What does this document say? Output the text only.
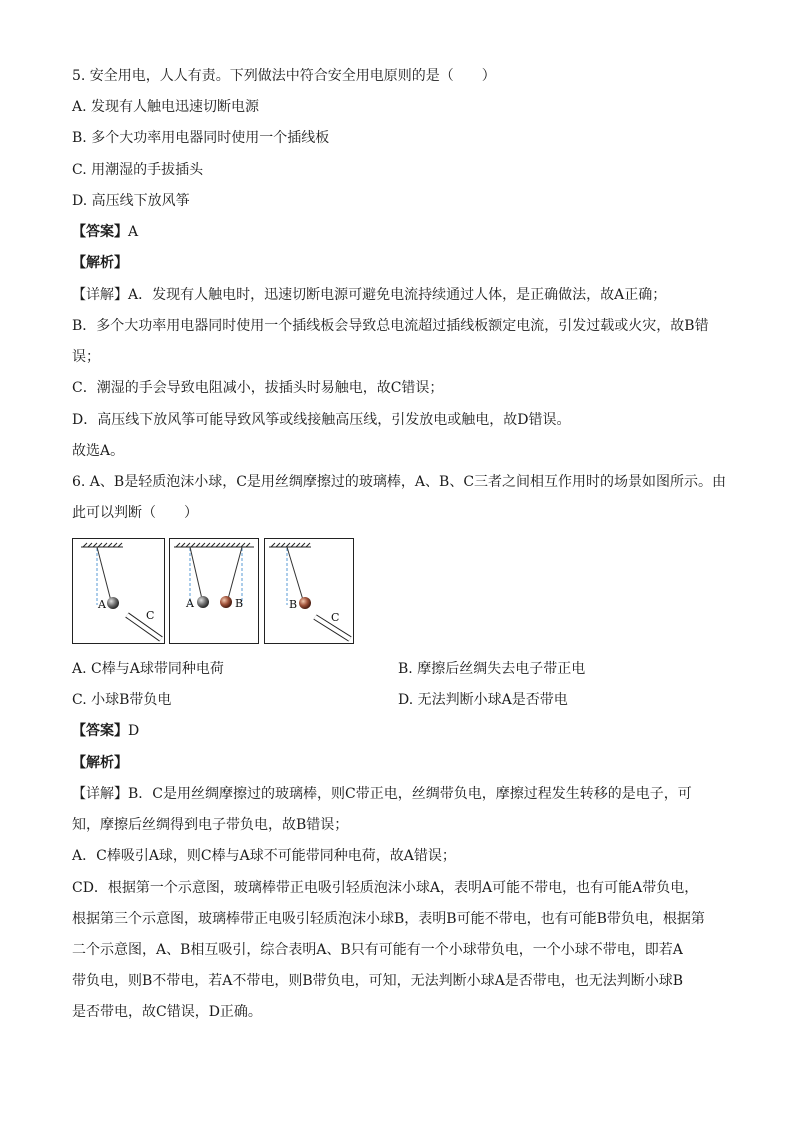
5. 安全用电，人人有责。下列做法中符合安全用电原则的是（　　）
A. 发现有人触电迅速切断电源
B. 多个大功率用电器同时使用一个插线板
C. 用潮湿的手拔插头
D. 高压线下放风筝
【答案】A
【解析】
【详解】A．发现有人触电时，迅速切断电源可避免电流持续通过人体，是正确做法，故A正确；
B．多个大功率用电器同时使用一个插线板会导致总电流超过插线板额定电流，引发过载或火灾，故B错
误；
C．潮湿的手会导致电阻减小，拔插头时易触电，故C错误；
D．高压线下放风筝可能导致风筝或线接触高压线，引发放电或触电，故D错误。
故选A。
6. A、B是轻质泡沫小球，C是用丝绸摩擦过的玻璃棒，A、B、C三者之间相互作用时的场景如图所示。由
此可以判断（　　）
A
C
A	B	B
C
A. C棒与A球带同种电荷	B. 摩擦后丝绸失去电子带正电
C. 小球B带负电	D. 无法判断小球A是否带电
【答案】D
【解析】
【详解】B．C是用丝绸摩擦过的玻璃棒，则C带正电，丝绸带负电，摩擦过程发生转移的是电子，可
知，摩擦后丝绸得到电子带负电，故B错误；
A．C棒吸引A球，则C棒与A球不可能带同种电荷，故A错误；
CD．根据第一个示意图，玻璃棒带正电吸引轻质泡沫小球A，表明A可能不带电，也有可能A带负电，
根据第三个示意图，玻璃棒带正电吸引轻质泡沫小球B，表明B可能不带电，也有可能B带负电，根据第
二个示意图，A、B相互吸引，综合表明A、B只有可能有一个小球带负电，一个小球不带电，即若A
带负电，则B不带电，若A不带电，则B带负电，可知，无法判断小球A是否带电，也无法判断小球B
是否带电，故C错误，D正确。
